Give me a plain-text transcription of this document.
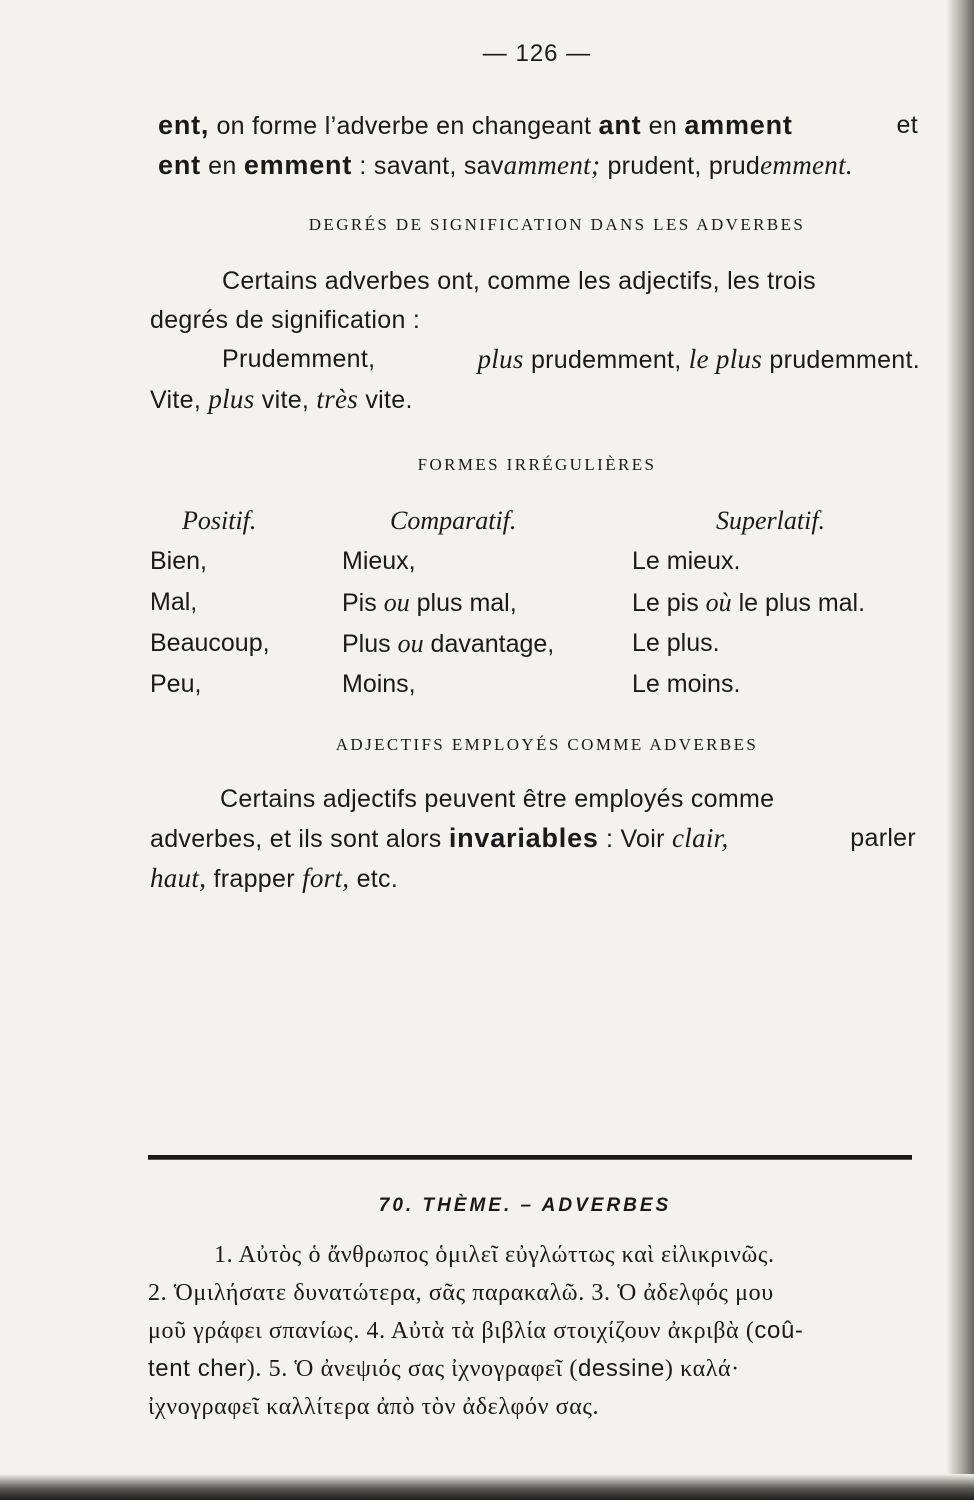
— 126 —
ent, on forme l’adverbe en changeant ant en amment	et
ent en emment : savant, savamment; prudent, prudemment.
DEGRÉS DE SIGNIFICATION DANS LES ADVERBES
Certains adverbes ont, comme les adjectifs, les trois
degrés de signification :
Prudemment,	plus prudemment, le plus prudemment.
Vite, plus vite, très vite.
FORMES IRRÉGULIÈRES
Positif.	Comparatif.	Superlatif.
Bien,	Mieux,	Le mieux.
Mal,	Pis ou plus mal,	Le pis où le plus mal.
Beaucoup,	Plus ou davantage,	Le plus.
Peu,	Moins,	Le moins.
ADJECTIFS EMPLOYÉS COMME ADVERBES
Certains adjectifs peuvent être employés comme
adverbes, et ils sont alors invariables : Voir clair,	parler
haut, frapper fort, etc.
70. THÈME. – ADVERBES
1. Αὐτὸς ὁ ἄνθρωπος ὁμιλεῖ εὐγλώττως καὶ εἰλικρινῶς.
2. Ὁμιλήσατε δυνατώτερα, σᾶς παρακαλῶ. 3. Ὁ ἀδελφός μου
μοῦ γράφει σπανίως. 4. Αὐτὰ τὰ βιβλία στοιχίζουν ἀκριβὰ (coû-
tent cher). 5. Ὁ ἀνεψιός σας ἰχνογραφεῖ (dessine) καλά·
ἰχνογραφεῖ καλλίτερα ἀπὸ τὸν ἀδελφόν σας.
